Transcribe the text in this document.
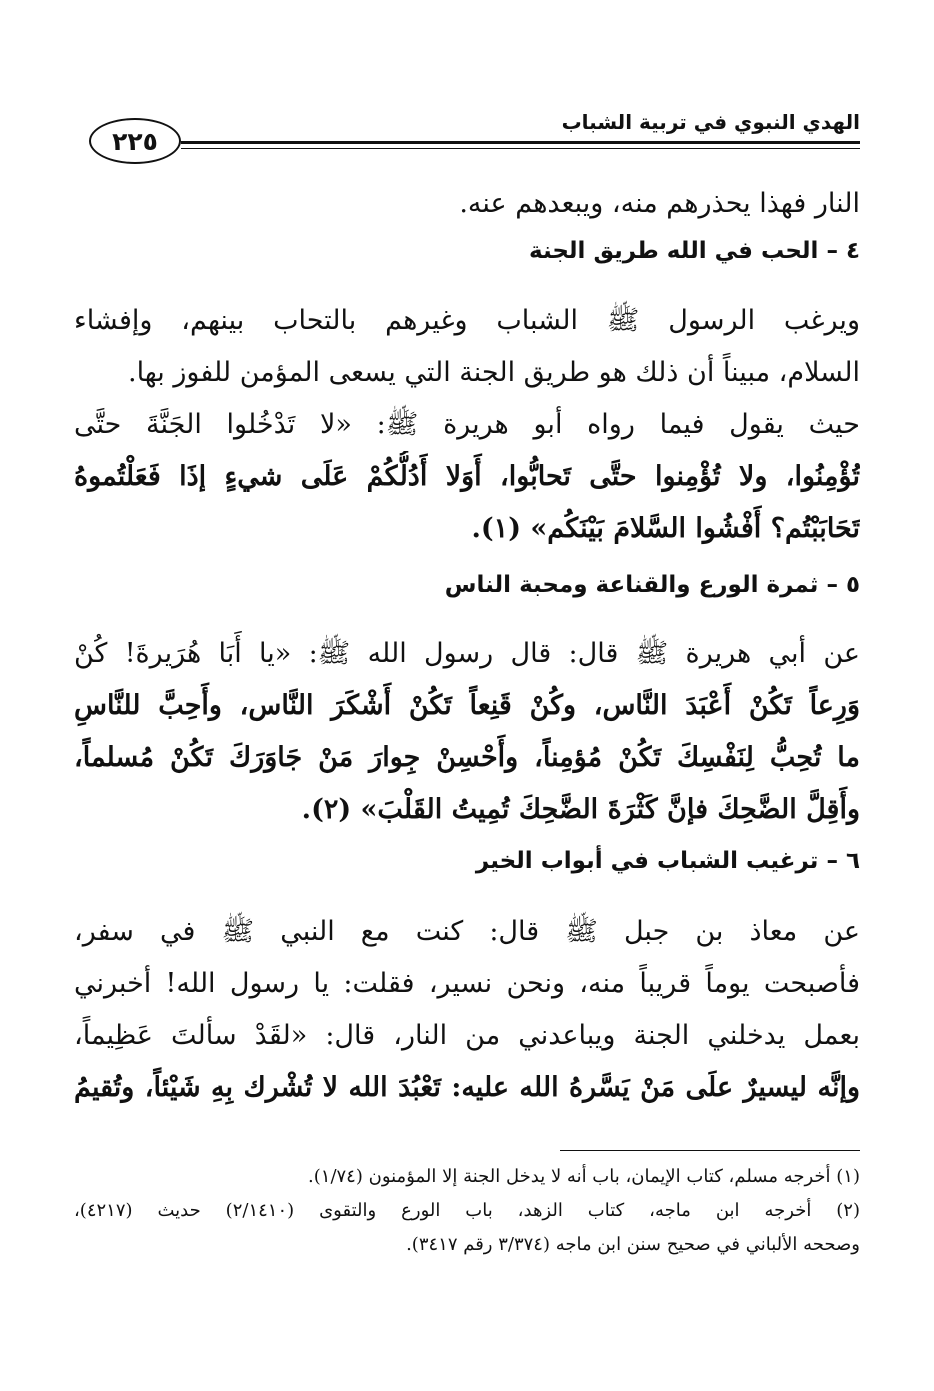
٢٢٥
الهدي النبوي في تربية الشباب
النار فهذا يحذرهم منه، ويبعدهم عنه.
٤ – الحب في الله طريق الجنة
ويرغب الرسول ﷺ الشباب وغيرهم بالتحاب بينهم، وإفشاء
السلام، مبيناً أن ذلك هو طريق الجنة التي يسعى المؤمن للفوز بها.
حيث يقول فيما رواه أبو هريرة ﷺ: «لا تَدْخُلوا الجَنَّةَ حتَّى
تُؤْمِنُوا، ولا تُؤْمِنوا حتَّى تَحابُّوا، أَوَلا أَدُلُّكُمْ عَلَى شيءٍ إذَا فَعَلْتُموهُ
تَحَابَبْتُم؟ أَفْشُوا السَّلامَ بَيْنَكُم» (١).
٥ – ثمرة الورع والقناعة ومحبة الناس
عن أبي هريرة ﷺ قال: قال رسول الله ﷺ: «يا أَبَا هُرَيرةَ! كُنْ
وَرِعاً تَكُنْ أَعْبَدَ النَّاس، وكُنْ قَنِعاً تَكُنْ أَشْكَرَ النَّاس، وأَحِبَّ للنَّاسِ
ما تُحِبُّ لِنَفْسِكَ تَكُنْ مُؤمِناً، وأَحْسِنْ جِوارَ مَنْ جَاوَرَكَ تَكُنْ مُسلماً،
وأَقِلَّ الضَّحِكَ فإنَّ كَثْرَةَ الضَّحِكَ تُمِيتُ القَلْبَ» (٢).
٦ – ترغيب الشباب في أبواب الخير
عن معاذ بن جبل ﷺ قال: كنت مع النبي ﷺ في سفر،
فأصبحت يوماً قريباً منه، ونحن نسير، فقلت: يا رسول الله! أخبرني
بعمل يدخلني الجنة ويباعدني من النار، قال: «لقَدْ سألتَ عَظِيماً،
وإنَّه ليسيرٌ علَى مَنْ يَسَّرهُ الله عليه: تَعْبُدَ الله لا تُشْرك بِهِ شَيْئاً، وتُقيمُ
(١) أخرجه مسلم، كتاب الإيمان، باب أنه لا يدخل الجنة إلا المؤمنون (١/٧٤).
(٢) أخرجه ابن ماجه، كتاب الزهد، باب الورع والتقوى (٢/١٤١٠) حديث (٤٢١٧)،
وصححه الألباني في صحيح سنن ابن ماجه (٣/٣٧٤ رقم ٣٤١٧).
